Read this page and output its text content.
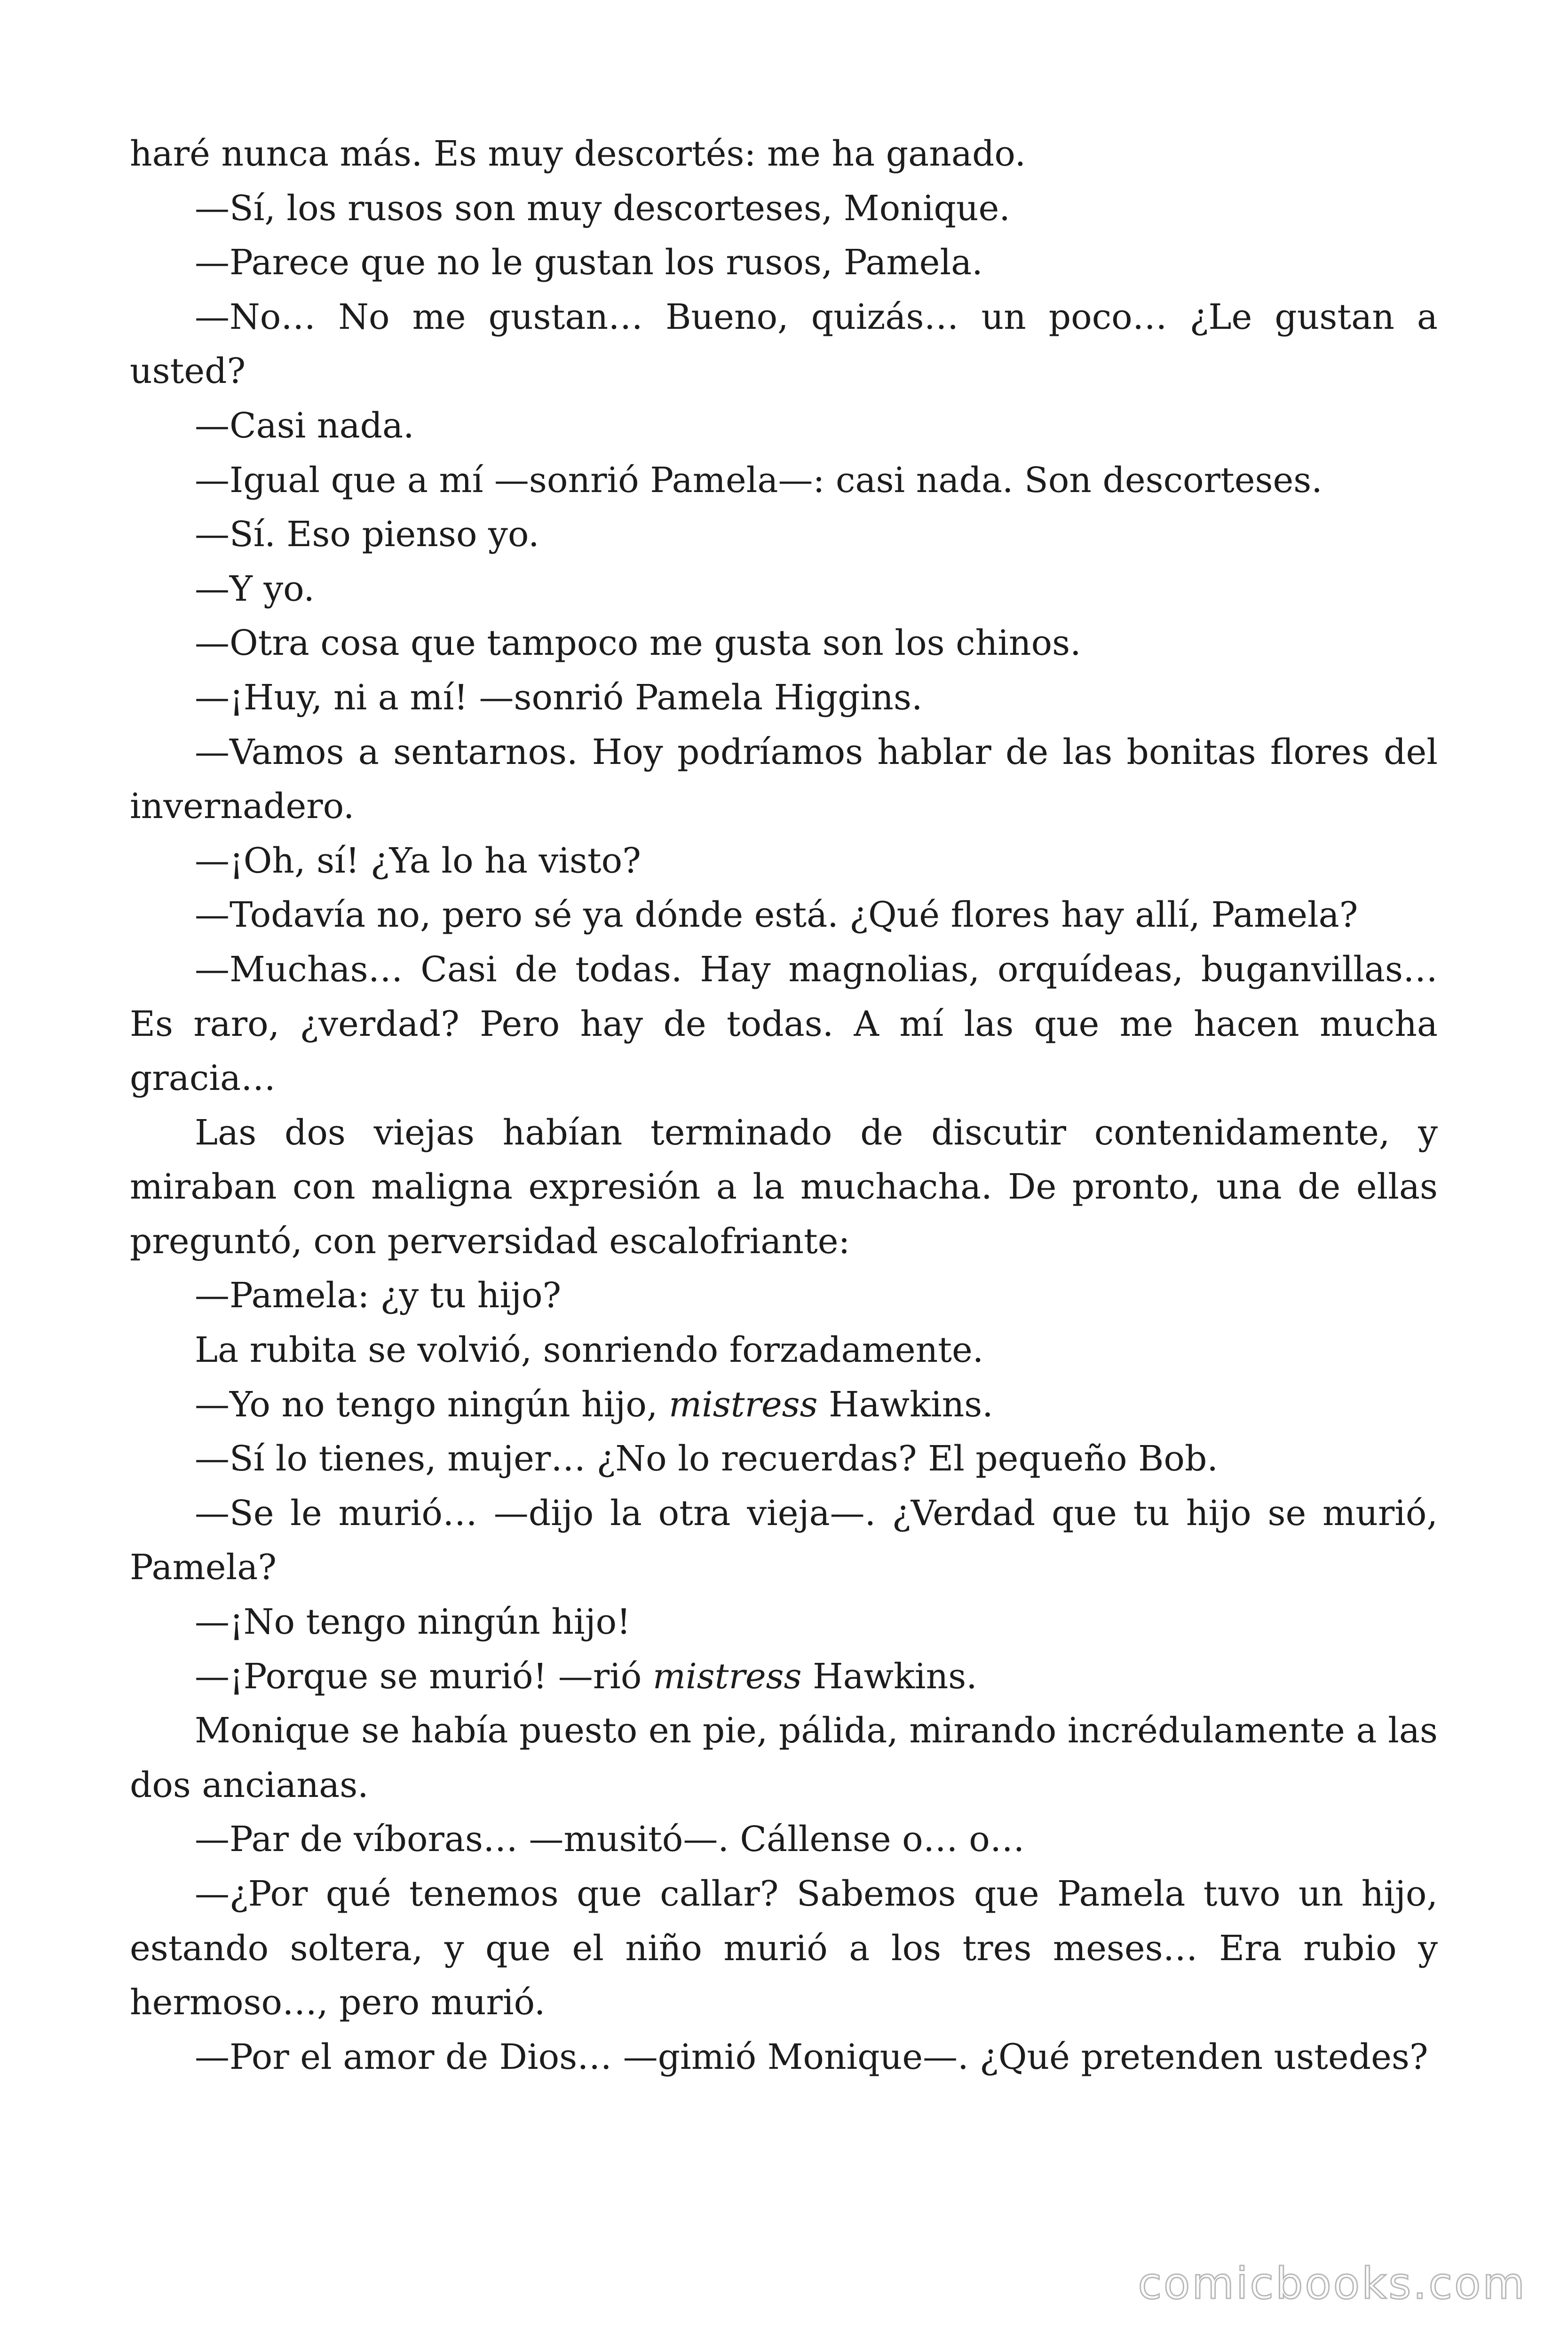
haré nunca más. Es muy descortés: me ha ganado.

—Sí, los rusos son muy descorteses, Monique.

—Parece que no le gustan los rusos, Pamela.

—No… No me gustan… Bueno, quizás… un poco… ¿Le gustan a usted?

—Casi nada.

—Igual que a mí —sonrió Pamela—: casi nada. Son descorteses.

—Sí. Eso pienso yo.

—Y yo.

—Otra cosa que tampoco me gusta son los chinos.

—¡Huy, ni a mí! —sonrió Pamela Higgins.

—Vamos a sentarnos. Hoy podríamos hablar de las bonitas flores del invernadero.

—¡Oh, sí! ¿Ya lo ha visto?

—Todavía no, pero sé ya dónde está. ¿Qué flores hay allí, Pamela?

—Muchas… Casi de todas. Hay magnolias, orquídeas, buganvillas… Es raro, ¿verdad? Pero hay de todas. A mí las que me hacen mucha gracia…

Las dos viejas habían terminado de discutir contenidamente, y miraban con maligna expresión a la muchacha. De pronto, una de ellas preguntó, con perversidad escalofriante:

—Pamela: ¿y tu hijo?

La rubita se volvió, sonriendo forzadamente.

—Yo no tengo ningún hijo, mistress Hawkins.

—Sí lo tienes, mujer… ¿No lo recuerdas? El pequeño Bob.

—Se le murió… —dijo la otra vieja—. ¿Verdad que tu hijo se murió, Pamela?

—¡No tengo ningún hijo!

—¡Porque se murió! —rió mistress Hawkins.

Monique se había puesto en pie, pálida, mirando incrédulamente a las dos ancianas.

—Par de víboras… —musitó—. Cállense o… o…

—¿Por qué tenemos que callar? Sabemos que Pamela tuvo un hijo, estando soltera, y que el niño murió a los tres meses… Era rubio y hermoso…, pero murió.

—Por el amor de Dios… —gimió Monique—. ¿Qué pretenden ustedes?

comicbooks.com
